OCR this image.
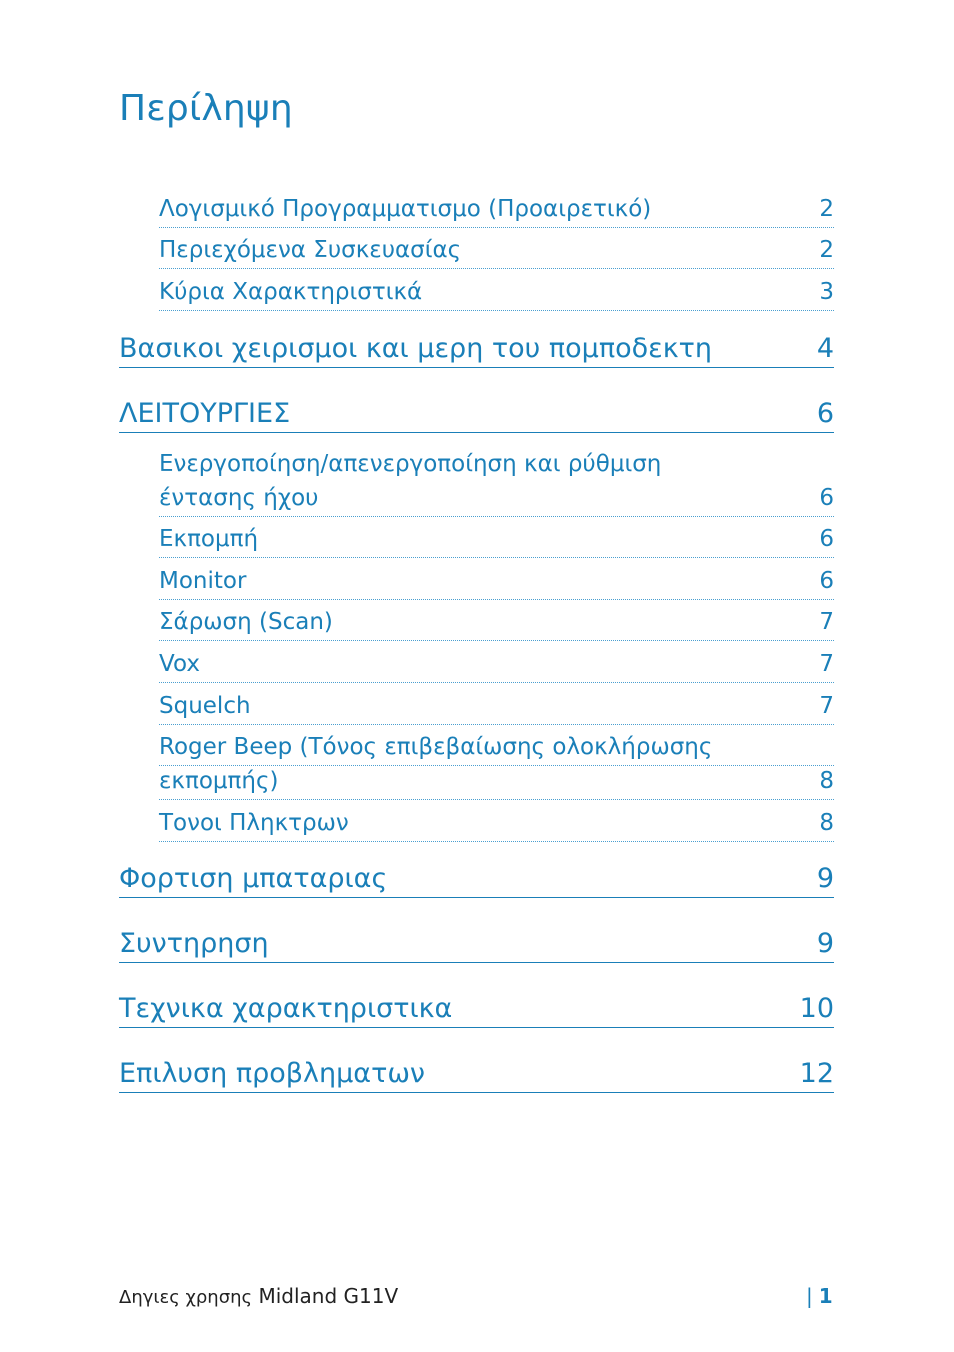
Περίληψη
Λογισμικό Προγραμματισμο (Προαιρετικό)	2
Περιεχόμενα Συσκευασίας	2
Κύρια Χαρακτηριστικά	3
Βασικοι χειρισμοι και μερη του πομποδεκτη	4
ΛΕΙΤΟΥΡΓΙΕΣ	6
Ενεργοποίηση/απενεργοποίηση και ρύθμιση
έντασης ήχου	6
Εκπομπή	6
Monitor	6
Σάρωση (Scan)	7
Vox	7
Squelch	7
Roger Beep (Τόνος επιβεβαίωσης ολοκλήρωσης
εκπομπής)	8
Τονοι Πληκτρων	8
Φορτιση μπαταριας	9
Συντηρηση	9
Τεχνικα χαρακτηριστικα	10
Επιλυση προβληματων	12
Δηγιες χρησης Midland G11V	| 1
